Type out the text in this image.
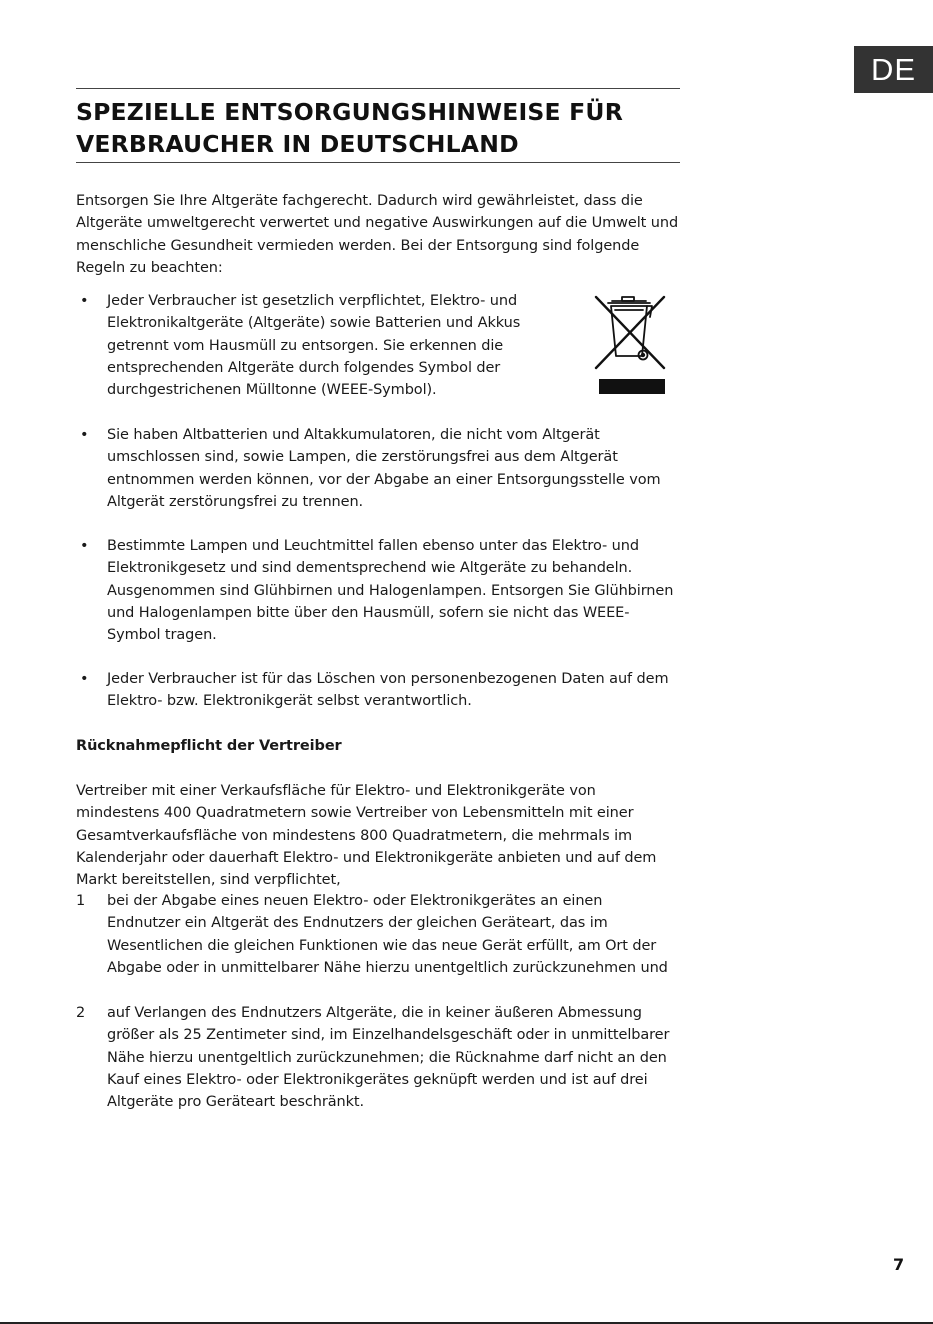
DE
SPEZIELLE ENTSORGUNGSHINWEISE FÜR
VERBRAUCHER IN DEUTSCHLAND

Entsorgen Sie Ihre Altgeräte fachgerecht. Dadurch wird gewährleistet, dass die Altgeräte umweltgerecht verwertet und negative Auswirkungen auf die Umwelt und menschliche Gesundheit vermieden werden. Bei der Entsorgung sind folgende Regeln zu beachten:

• Jeder Verbraucher ist gesetzlich verpflichtet, Elektro- und Elektronikaltgeräte (Altgeräte) sowie Batterien und Akkus getrennt vom Hausmüll zu entsorgen. Sie erkennen die entsprechenden Altgeräte durch folgendes Symbol der durchgestrichenen Mülltonne (WEEE-Symbol).
• Sie haben Altbatterien und Altakkumulatoren, die nicht vom Altgerät umschlossen sind, sowie Lampen, die zerstörungsfrei aus dem Altgerät entnommen werden können, vor der Abgabe an einer Entsorgungsstelle vom Altgerät zerstörungsfrei zu trennen.
• Bestimmte Lampen und Leuchtmittel fallen ebenso unter das Elektro- und Elektronikgesetz und sind dementsprechend wie Altgeräte zu behandeln. Ausgenommen sind Glühbirnen und Halogenlampen. Entsorgen Sie Glühbirnen und Halogenlampen bitte über den Hausmüll, sofern sie nicht das WEEE-Symbol tragen.
• Jeder Verbraucher ist für das Löschen von personenbezogenen Daten auf dem Elektro- bzw. Elektronikgerät selbst verantwortlich.
Rücknahmepflicht der Vertreiber

Vertreiber mit einer Verkaufsfläche für Elektro- und Elektronikgeräte von mindestens 400 Quadratmetern sowie Vertreiber von Lebensmitteln mit einer Gesamtverkaufsfläche von mindestens 800 Quadratmetern, die mehrmals im Kalenderjahr oder dauerhaft Elektro- und Elektronikgeräte anbieten und auf dem Markt bereitstellen, sind verpflichtet,

1	bei der Abgabe eines neuen Elektro- oder Elektronikgerätes an einen Endnutzer ein Altgerät des Endnutzers der gleichen Geräteart, das im Wesentlichen die gleichen Funktionen wie das neue Gerät erfüllt, am Ort der Abgabe oder in unmittelbarer Nähe hierzu unentgeltlich zurückzunehmen und
2	auf Verlangen des Endnutzers Altgeräte, die in keiner äußeren Abmessung größer als 25 Zentimeter sind, im Einzelhandelsgeschäft oder in unmittelbarer Nähe hierzu unentgeltlich zurückzunehmen; die Rücknahme darf nicht an den Kauf eines Elektro- oder Elektronikgerätes geknüpft werden und ist auf drei Altgeräte pro Geräteart beschränkt.
7
